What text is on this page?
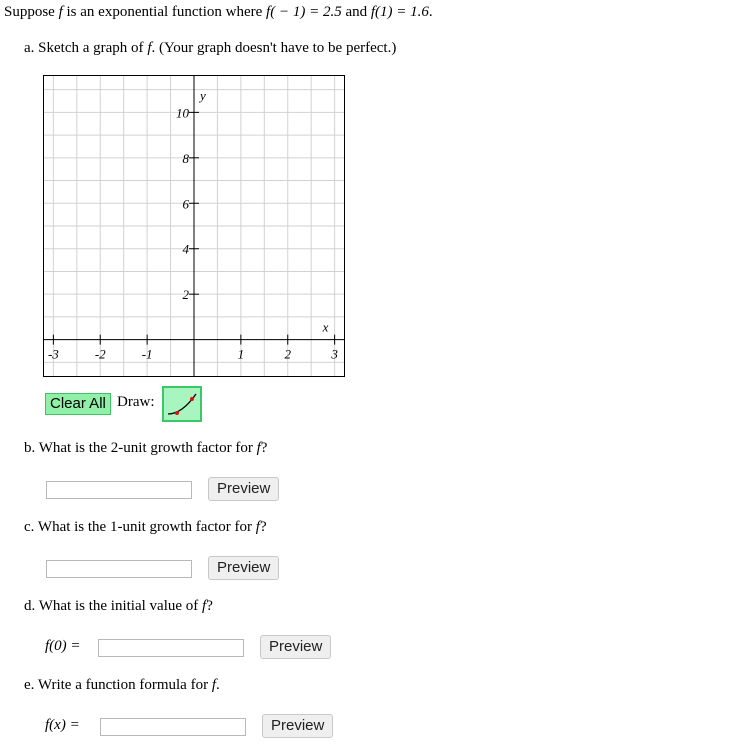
Suppose f is an exponential function where f( − 1) = 2.5 and f(1) = 1.6.
a. Sketch a graph of f. (Your graph doesn't have to be perfect.)
-3	-2	-1	1	2	3
2
4
6
8
10
x
y
Clear All Draw:
b. What is the 2-unit growth factor for f?
Preview
c. What is the 1-unit growth factor for f?
Preview
d. What is the initial value of f?
f(0) =	Preview
e. Write a function formula for f.
f(x) =	Preview
